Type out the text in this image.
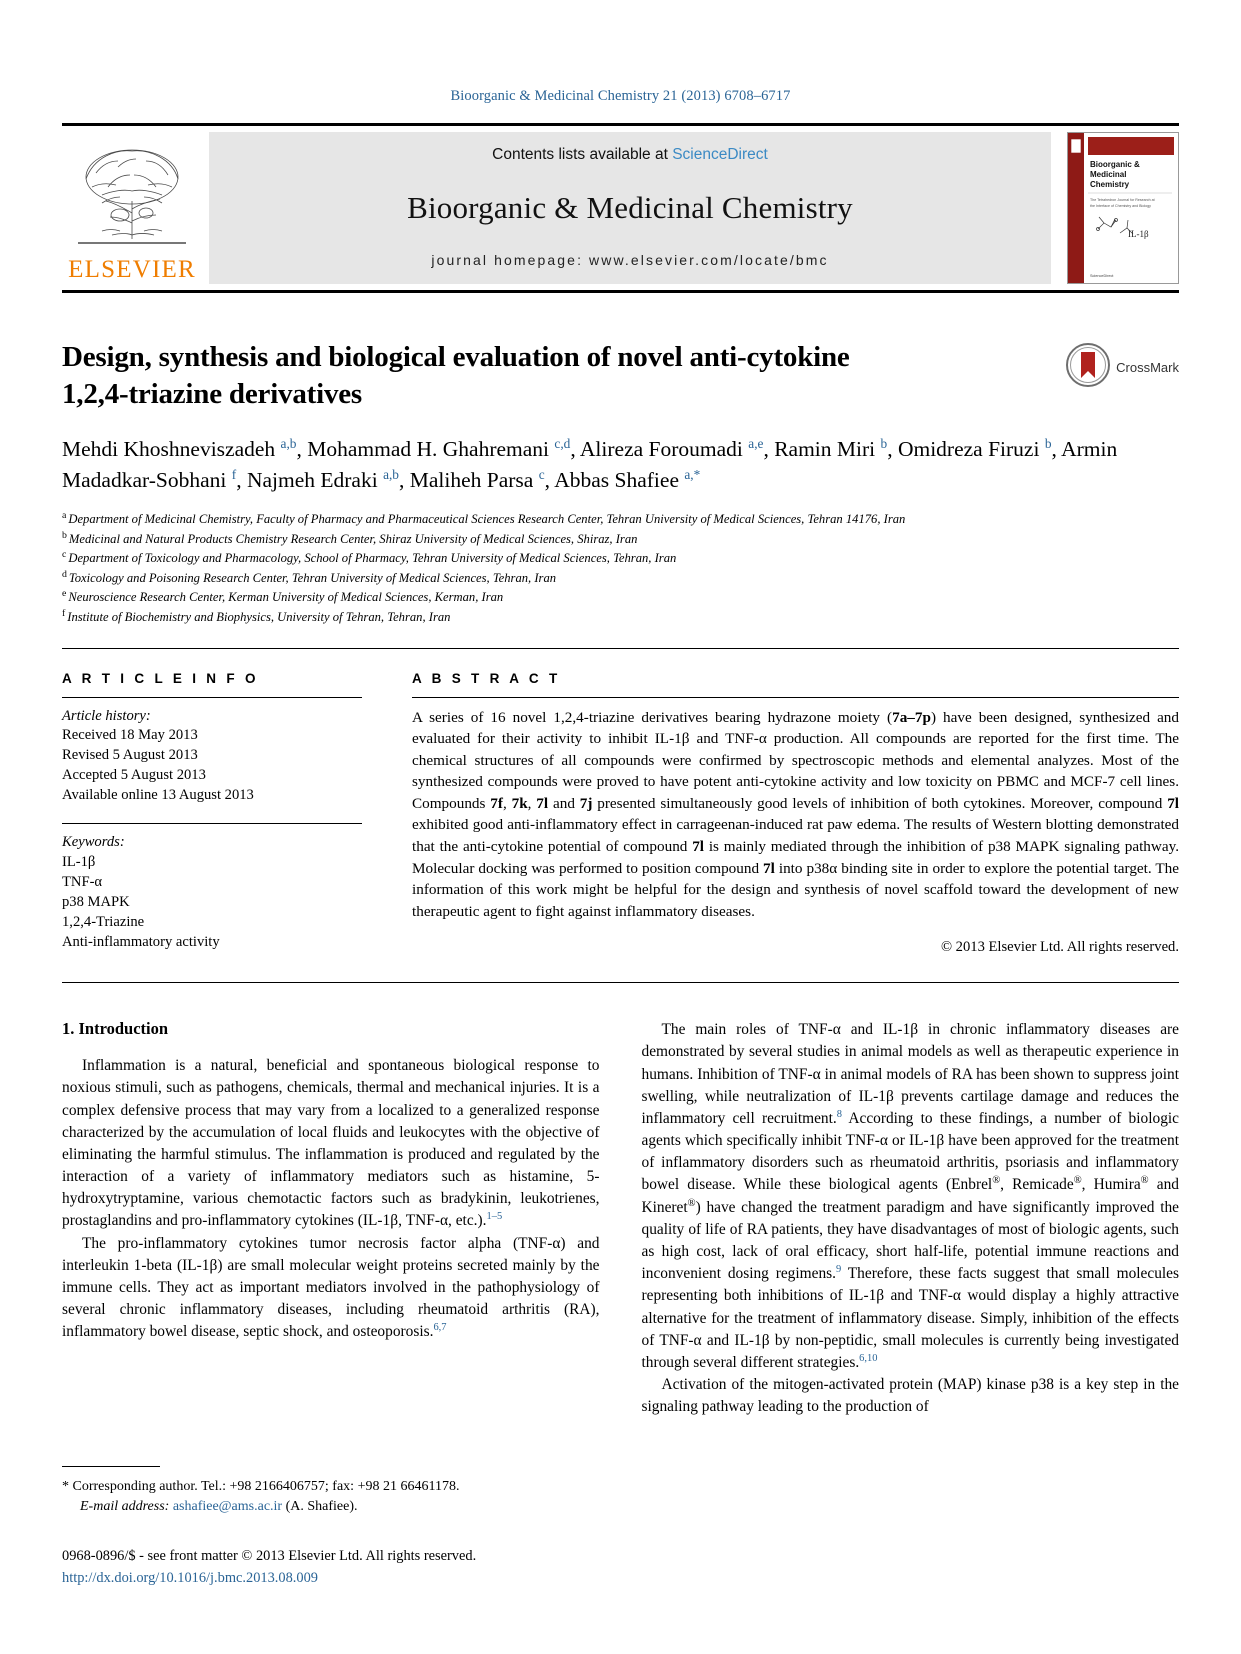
Bioorganic & Medicinal Chemistry 21 (2013) 6708–6717
ELSEVIER
Contents lists available at ScienceDirect
Bioorganic & Medicinal Chemistry
journal homepage: www.elsevier.com/locate/bmc
Bioorganic &
Medicinal
Chemistry
The Tetrahedron Journal for Research at
the Interface of Chemistry and Biology
IL-1β
ScienceDirect
Design, synthesis and biological evaluation of novel anti-cytokine
1,2,4-triazine derivatives
CrossMark
Mehdi Khoshneviszadeh $^{a,b}$, Mohammad H. Ghahremani $^{c,d}$, Alireza Foroumadi $^{a,e}$, Ramin Miri $^b$, Omidreza Firuzi $^b$, Armin Madadkar-Sobhani $^f$, Najmeh Edraki $^{a,b}$, Maliheh Parsa $^c$, Abbas Shafiee $^{a,*}$
$^a$ Department of Medicinal Chemistry, Faculty of Pharmacy and Pharmaceutical Sciences Research Center, Tehran University of Medical Sciences, Tehran 14176, Iran
$^b$ Medicinal and Natural Products Chemistry Research Center, Shiraz University of Medical Sciences, Shiraz, Iran
$^c$ Department of Toxicology and Pharmacology, School of Pharmacy, Tehran University of Medical Sciences, Tehran, Iran
$^d$ Toxicology and Poisoning Research Center, Tehran University of Medical Sciences, Tehran, Iran
$^e$ Neuroscience Research Center, Kerman University of Medical Sciences, Kerman, Iran
$^f$ Institute of Biochemistry and Biophysics, University of Tehran, Tehran, Iran
A R T I C L E I N F O
Article history:
Received 18 May 2013
Revised 5 August 2013
Accepted 5 August 2013
Available online 13 August 2013
Keywords:
IL-1β
TNF-α
p38 MAPK
1,2,4-Triazine
Anti-inflammatory activity
A B S T R A C T
A series of 16 novel 1,2,4-triazine derivatives bearing hydrazone moiety (7a–7p) have been designed, synthesized and evaluated for their activity to inhibit IL-1β and TNF-α production. All compounds are reported for the first time. The chemical structures of all compounds were confirmed by spectroscopic methods and elemental analyzes. Most of the synthesized compounds were proved to have potent anti-cytokine activity and low toxicity on PBMC and MCF-7 cell lines. Compounds 7f, 7k, 7l and 7j presented simultaneously good levels of inhibition of both cytokines. Moreover, compound 7l exhibited good anti-inflammatory effect in carrageenan-induced rat paw edema. The results of Western blotting demonstrated that the anti-cytokine potential of compound 7l is mainly mediated through the inhibition of p38 MAPK signaling pathway. Molecular docking was performed to position compound 7l into p38α binding site in order to explore the potential target. The information of this work might be helpful for the design and synthesis of novel scaffold toward the development of new therapeutic agent to fight against inflammatory diseases.
© 2013 Elsevier Ltd. All rights reserved.
1. Introduction

Inflammation is a natural, beneficial and spontaneous biological response to noxious stimuli, such as pathogens, chemicals, thermal and mechanical injuries. It is a complex defensive process that may vary from a localized to a generalized response characterized by the accumulation of local fluids and leukocytes with the objective of eliminating the harmful stimulus. The inflammation is produced and regulated by the interaction of a variety of inflammatory mediators such as histamine, 5-hydroxytryptamine, various chemotactic factors such as bradykinin, leukotrienes, prostaglandins and pro-inflammatory cytokines (IL-1β, TNF-α, etc.).$^{1-5}$

The pro-inflammatory cytokines tumor necrosis factor alpha (TNF-α) and interleukin 1-beta (IL-1β) are small molecular weight proteins secreted mainly by the immune cells. They act as important mediators involved in the pathophysiology of several chronic inflammatory diseases, including rheumatoid arthritis (RA), inflammatory bowel disease, septic shock, and osteoporosis.$^{6,7}$

The main roles of TNF-α and IL-1β in chronic inflammatory diseases are demonstrated by several studies in animal models as well as therapeutic experience in humans. Inhibition of TNF-α in animal models of RA has been shown to suppress joint swelling, while neutralization of IL-1β prevents cartilage damage and reduces the inflammatory cell recruitment.$^8$ According to these findings, a number of biologic agents which specifically inhibit TNF-α or IL-1β have been approved for the treatment of inflammatory disorders such as rheumatoid arthritis, psoriasis and inflammatory bowel disease. While these biological agents (Enbrel®, Remicade®, Humira® and Kineret®) have changed the treatment paradigm and have significantly improved the quality of life of RA patients, they have disadvantages of most of biologic agents, such as high cost, lack of oral efficacy, short half-life, potential immune reactions and inconvenient dosing regimens.$^9$ Therefore, these facts suggest that small molecules representing both inhibitions of IL-1β and TNF-α would display a highly attractive alternative for the treatment of inflammatory disease. Simply, inhibition of the effects of TNF-α and IL-1β by non-peptidic, small molecules is currently being investigated through several different strategies.$^{6,10}$

Activation of the mitogen-activated protein (MAP) kinase p38 is a key step in the signaling pathway leading to the production of

* Corresponding author. Tel.: +98 2166406757; fax: +98 21 66461178.
E-mail address: ashafiee@ams.ac.ir (A. Shafiee).
0968-0896/$ - see front matter © 2013 Elsevier Ltd. All rights reserved.
http://dx.doi.org/10.1016/j.bmc.2013.08.009
